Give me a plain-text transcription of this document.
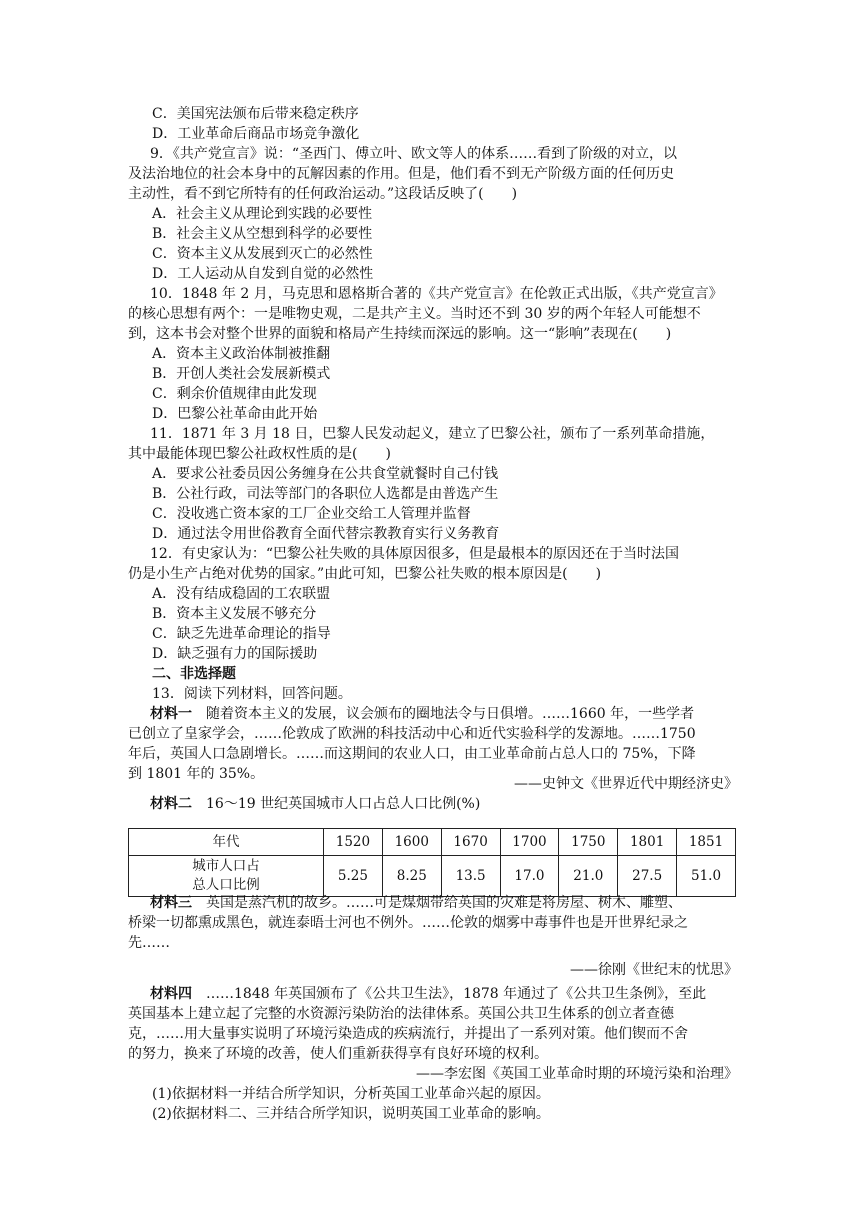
C．美国宪法颁布后带来稳定秩序
D．工业革命后商品市场竞争激化
9．《共产党宣言》说：“圣西门、傅立叶、欧文等人的体系……看到了阶级的对立，以
及法治地位的社会本身中的瓦解因素的作用。但是，他们看不到无产阶级方面的任何历史
主动性，看不到它所特有的任何政治运动。”这段话反映了(　　)
A．社会主义从理论到实践的必要性
B．社会主义从空想到科学的必要性
C．资本主义从发展到灭亡的必然性
D．工人运动从自发到自觉的必然性
10．1848 年 2 月，马克思和恩格斯合著的《共产党宣言》在伦敦正式出版，《共产党宣言》
的核心思想有两个：一是唯物史观，二是共产主义。当时还不到 30 岁的两个年轻人可能想不
到，这本书会对整个世界的面貌和格局产生持续而深远的影响。这一“影响”表现在(　　)
A．资本主义政治体制被推翻
B．开创人类社会发展新模式
C．剩余价值规律由此发现
D．巴黎公社革命由此开始
11．1871 年 3 月 18 日，巴黎人民发动起义，建立了巴黎公社，颁布了一系列革命措施，
其中最能体现巴黎公社政权性质的是(　　)
A．要求公社委员因公务缠身在公共食堂就餐时自己付钱
B．公社行政，司法等部门的各职位人选都是由普选产生
C．没收逃亡资本家的工厂企业交给工人管理并监督
D．通过法令用世俗教育全面代替宗教教育实行义务教育
12．有史家认为：“巴黎公社失败的具体原因很多，但是最根本的原因还在于当时法国
仍是小生产占绝对优势的国家。”由此可知，巴黎公社失败的根本原因是(　　)
A．没有结成稳固的工农联盟
B．资本主义发展不够充分
C．缺乏先进革命理论的指导
D．缺乏强有力的国际援助
二、非选择题
13．阅读下列材料，回答问题。
材料一　随着资本主义的发展，议会颁布的圈地法令与日俱增。……1660 年，一些学者
已创立了皇家学会，……伦敦成了欧洲的科技活动中心和近代实验科学的发源地。……1750
年后，英国人口急剧增长。……而这期间的农业人口，由工业革命前占总人口的 75%，下降
到 1801 年的 35%。
——史钟文《世界近代中期经济史》
材料二　16～19 世纪英国城市人口占总人口比例(%)
年代	1520	1600	1670	1700	1750	1801	1851
城市人口占
总人口比例	5.25	8.25	13.5	17.0	21.0	27.5	51.0
材料三　英国是蒸汽机的故乡。……可是煤烟带给英国的灾难是将房屋、树木、雕塑、
桥梁一切都熏成黑色，就连泰晤士河也不例外。……伦敦的烟雾中毒事件也是开世界纪录之
先……
——徐刚《世纪末的忧思》
材料四　……1848 年英国颁布了《公共卫生法》，1878 年通过了《公共卫生条例》，至此
英国基本上建立起了完整的水资源污染防治的法律体系。英国公共卫生体系的创立者查德
克，……用大量事实说明了环境污染造成的疾病流行，并提出了一系列对策。他们锲而不舍
的努力，换来了环境的改善，使人们重新获得享有良好环境的权利。
——李宏图《英国工业革命时期的环境污染和治理》
(1)依据材料一并结合所学知识，分析英国工业革命兴起的原因。
(2)依据材料二、三并结合所学知识，说明英国工业革命的影响。
